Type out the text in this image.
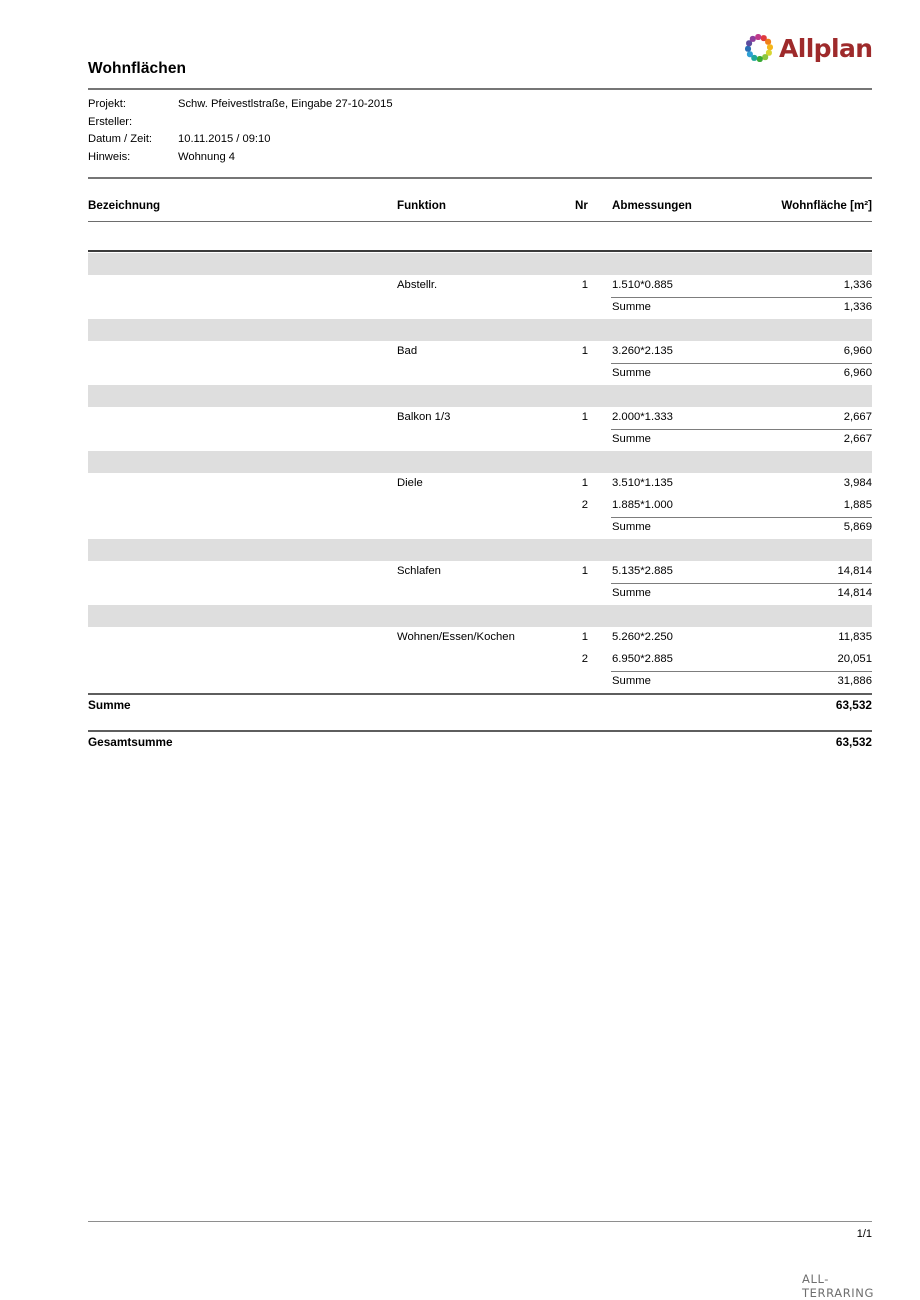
Allplan
Wohnflächen
Projekt:	Schw. Pfeivestlstraße, Eingabe 27-10-2015
Ersteller:
Datum / Zeit:	10.11.2015 / 09:10
Hinweis:	Wohnung 4
Bezeichnung	Funktion	Nr Abmessungen	Wohnfläche [m²]
Abstellr.	1 1.510*0.885	1,336
Summe	1,336
Bad	1 3.260*2.135	6,960
Summe	6,960
Balkon 1/3	1 2.000*1.333	2,667
Summe	2,667
Diele	1 3.510*1.135	3,984
2 1.885*1.000	1,885
Summe	5,869
Schlafen	1 5.135*2.885	14,814
Summe	14,814
Wohnen/Essen/Kochen	1 5.260*2.250	11,835
2 6.950*2.885	20,051
Summe	31,886
Summe	63,532
Gesamtsumme	63,532
1/1
ALL-TERRARING
